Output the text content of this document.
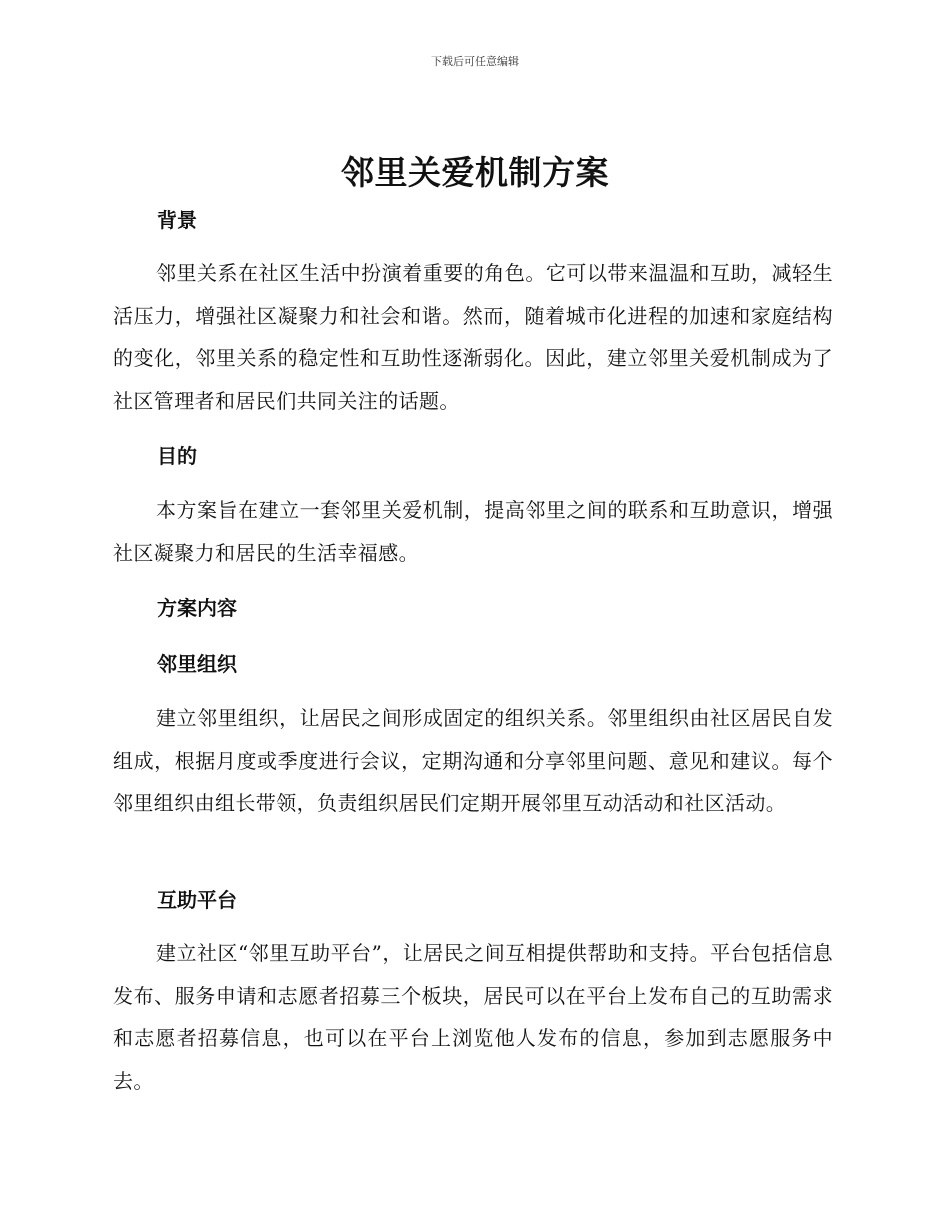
下载后可任意编辑
邻里关爱机制方案
背景

邻里关系在社区生活中扮演着重要的角色。它可以带来温温和互助，减轻生活压力，增强社区凝聚力和社会和谐。然而，随着城市化进程的加速和家庭结构的变化，邻里关系的稳定性和互助性逐渐弱化。因此，建立邻里关爱机制成为了社区管理者和居民们共同关注的话题。

目的

本方案旨在建立一套邻里关爱机制，提高邻里之间的联系和互助意识，增强社区凝聚力和居民的生活幸福感。

方案内容
邻里组织

建立邻里组织，让居民之间形成固定的组织关系。邻里组织由社区居民自发组成，根据月度或季度进行会议，定期沟通和分享邻里问题、意见和建议。每个邻里组织由组长带领，负责组织居民们定期开展邻里互动活动和社区活动。

互助平台

建立社区“邻里互助平台”，让居民之间互相提供帮助和支持。平台包括信息发布、服务申请和志愿者招募三个板块，居民可以在平台上发布自己的互助需求和志愿者招募信息，也可以在平台上浏览他人发布的信息，参加到志愿服务中去。
